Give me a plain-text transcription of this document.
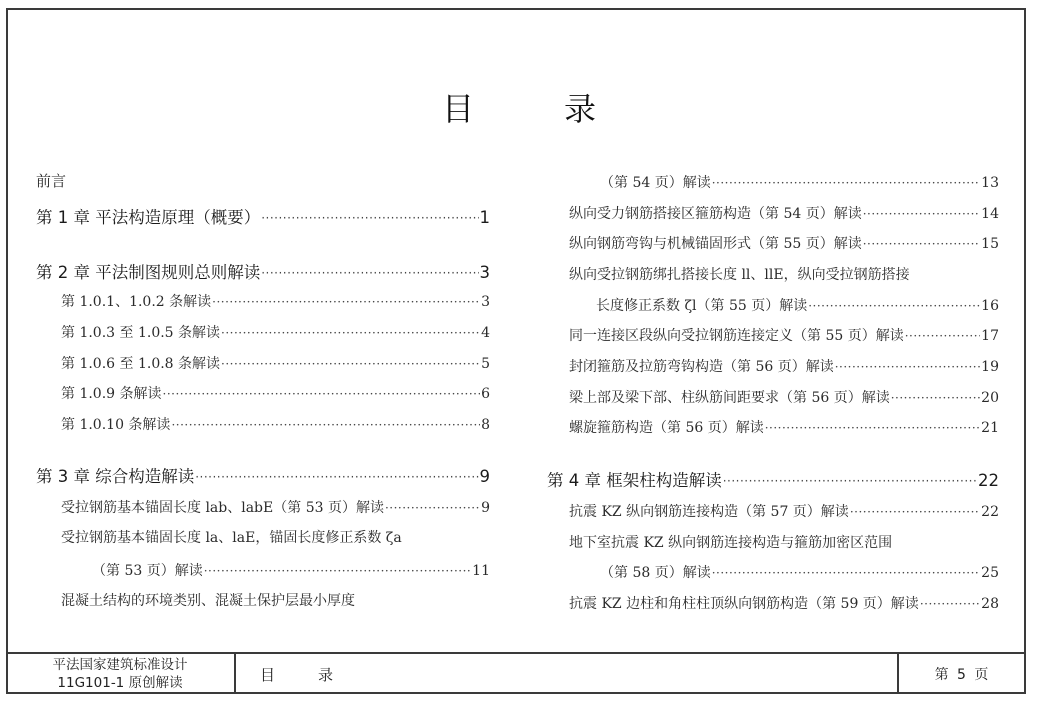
目	录
前言
第 1 章 平法构造原理（概要） ·····	1
第 2 章 平法制图规则总则解读 ·····	3
第 1.0.1、1.0.2 条解读 ·····	3
第 1.0.3 至 1.0.5 条解读 ·····	4
第 1.0.6 至 1.0.8 条解读 ·····	5
第 1.0.9 条解读 ·····	6
第 1.0.10 条解读 ·····	8
第 3 章 综合构造解读 ·····	9
受拉钢筋基本锚固长度 lab、labE（第 53 页）解读 ·····	9
受拉钢筋基本锚固长度 la、laE，锚固长度修正系数 ζa
（第 53 页）解读 ·····	11
混凝土结构的环境类别、混凝土保护层最小厚度
（第 54 页）解读 ·····	13
纵向受力钢筋搭接区箍筋构造（第 54 页）解读 ·····	14
纵向钢筋弯钩与机械锚固形式（第 55 页）解读 ·····	15
纵向受拉钢筋绑扎搭接长度 ll、llE，纵向受拉钢筋搭接
长度修正系数 ζl（第 55 页）解读 ·····	16
同一连接区段纵向受拉钢筋连接定义（第 55 页）解读 ·····	17
封闭箍筋及拉筋弯钩构造（第 56 页）解读 ·····	19
梁上部及梁下部、柱纵筋间距要求（第 56 页）解读 ·····	20
螺旋箍筋构造（第 56 页）解读 ·····	21
第 4 章 框架柱构造解读 ·····	22
抗震 KZ 纵向钢筋连接构造（第 57 页）解读 ·····	22
地下室抗震 KZ 纵向钢筋连接构造与箍筋加密区范围
（第 58 页）解读 ·····	25
抗震 KZ 边柱和角柱柱顶纵向钢筋构造（第 59 页）解读 ·····	28
平法国家建筑标准设计
11G101-1 原创解读	目	录	第 5 页
